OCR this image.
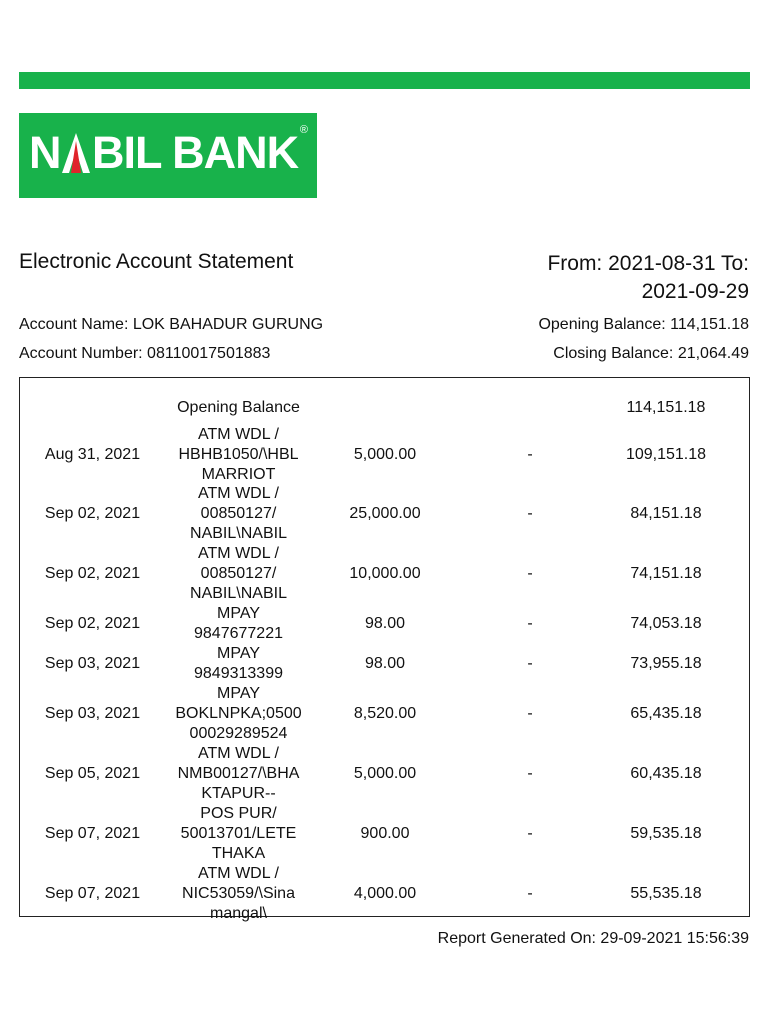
N BIL BANK ®
Electronic Account Statement	From: 2021-08-31 To:
2021-09-29
Account Name: LOK BAHADUR GURUNG	Opening Balance: 114,151.18
Account Number: 08110017501883	Closing Balance: 21,064.49
Opening Balance	114,151.18
Aug 31, 2021
ATM WDL /
HBHB1050/\HBL
MARRIOT
5,000.00	-	109,151.18
Sep 02, 2021
ATM WDL /
00850127/
NABIL\NABIL
25,000.00	-	84,151.18
Sep 02, 2021
ATM WDL /
00850127/
NABIL\NABIL
10,000.00	-	74,151.18
Sep 02, 2021
MPAY
9847677221
98.00	-	74,053.18
Sep 03, 2021
MPAY
9849313399
98.00	-	73,955.18
Sep 03, 2021
MPAY
BOKLNPKA;0500
00029289524
8,520.00	-	65,435.18
Sep 05, 2021
ATM WDL /
NMB00127/\BHA
KTAPUR--
5,000.00	-	60,435.18
Sep 07, 2021
POS PUR/
50013701/LETE
THAKA
900.00	-	59,535.18
Sep 07, 2021
ATM WDL /
NIC53059/\Sina
mangal\
4,000.00	-	55,535.18
Report Generated On: 29-09-2021 15:56:39
